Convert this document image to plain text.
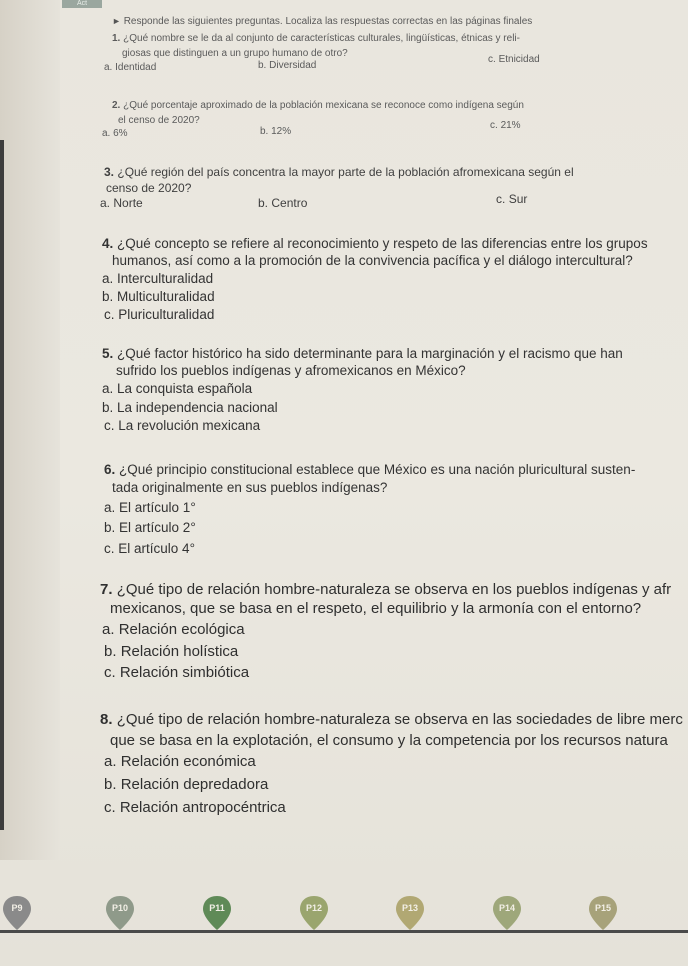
Act
► Responde las siguientes preguntas. Localiza las respuestas correctas en las páginas finales
1. ¿Qué nombre se le da al conjunto de características culturales, lingüísticas, étnicas y reli-
giosas que distinguen a un grupo humano de otro?
a. Identidad	b. Diversidad
c. Etnicidad
2. ¿Qué porcentaje aproximado de la población mexicana se reconoce como indígena según
el censo de 2020?
a. 6%	b. 12%
c. 21%
3. ¿Qué región del país concentra la mayor parte de la población afromexicana según el
censo de 2020?
a. Norte	b. Centro	c. Sur
4. ¿Qué concepto se refiere al reconocimiento y respeto de las diferencias entre los grupos
humanos, así como a la promoción de la convivencia pacífica y el diálogo intercultural?
a. Interculturalidad
b. Multiculturalidad
c. Pluriculturalidad
5. ¿Qué factor histórico ha sido determinante para la marginación y el racismo que han
sufrido los pueblos indígenas y afromexicanos en México?
a. La conquista española
b. La independencia nacional
c. La revolución mexicana
6. ¿Qué principio constitucional establece que México es una nación pluricultural susten-
tada originalmente en sus pueblos indígenas?
a. El artículo 1°
b. El artículo 2°
c. El artículo 4°
7. ¿Qué tipo de relación hombre-naturaleza se observa en los pueblos indígenas y afr
mexicanos, que se basa en el respeto, el equilibrio y la armonía con el entorno?
a. Relación ecológica
b. Relación holística
c. Relación simbiótica
8. ¿Qué tipo de relación hombre-naturaleza se observa en las sociedades de libre merc
que se basa en la explotación, el consumo y la competencia por los recursos natura
a. Relación económica
b. Relación depredadora
c. Relación antropocéntrica
P9	P10	P11	P12	P13	P14	P15
